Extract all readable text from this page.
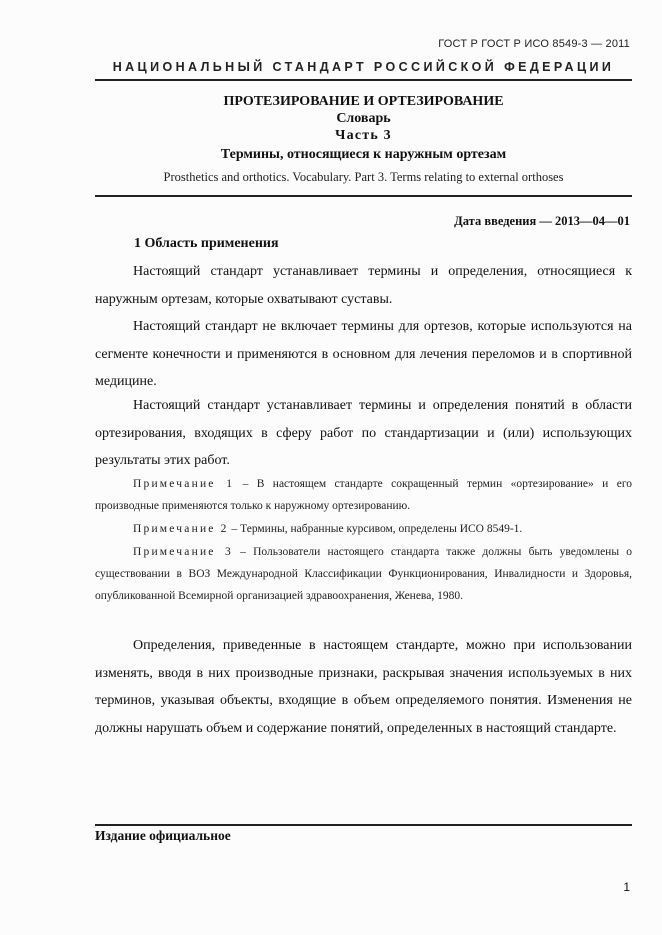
ГОСТ Р ГОСТ Р ИСО 8549-3 — 2011
НАЦИОНАЛЬНЫЙ СТАНДАРТ РОССИЙСКОЙ ФЕДЕРАЦИИ
ПРОТЕЗИРОВАНИЕ И ОРТЕЗИРОВАНИЕ
Словарь
Часть 3
Термины, относящиеся к наружным ортезам
Prosthetics and orthotics. Vocabulary. Part 3. Terms relating to external orthoses
Дата введения — 2013—04—01
1 Область применения
Настоящий стандарт устанавливает термины и определения, относящиеся к наружным ортезам, которые охватывают суставы.
Настоящий стандарт не включает термины для ортезов, которые используются на сегменте конечности и применяются в основном для лечения переломов и в спортивной медицине.
Настоящий стандарт устанавливает термины и определения понятий в области ортезирования, входящих в сферу работ по стандартизации и (или) использующих результаты этих работ.
Примечание 1 – В настоящем стандарте сокращенный термин «ортезирование» и его производные применяются только к наружному ортезированию.
Примечание 2 – Термины, набранные курсивом, определены ИСО 8549-1.
Примечание 3 – Пользователи настоящего стандарта также должны быть уведомлены о существовании в ВОЗ Международной Классификации Функционирования, Инвалидности и Здоровья, опубликованной Всемирной организацией здравоохранения, Женева, 1980.
Определения, приведенные в настоящем стандарте, можно при использовании изменять, вводя в них производные признаки, раскрывая значения используемых в них терминов, указывая объекты, входящие в объем определяемого понятия. Изменения не должны нарушать объем и содержание понятий, определенных в настоящий стандарте.
Издание официальное
1
